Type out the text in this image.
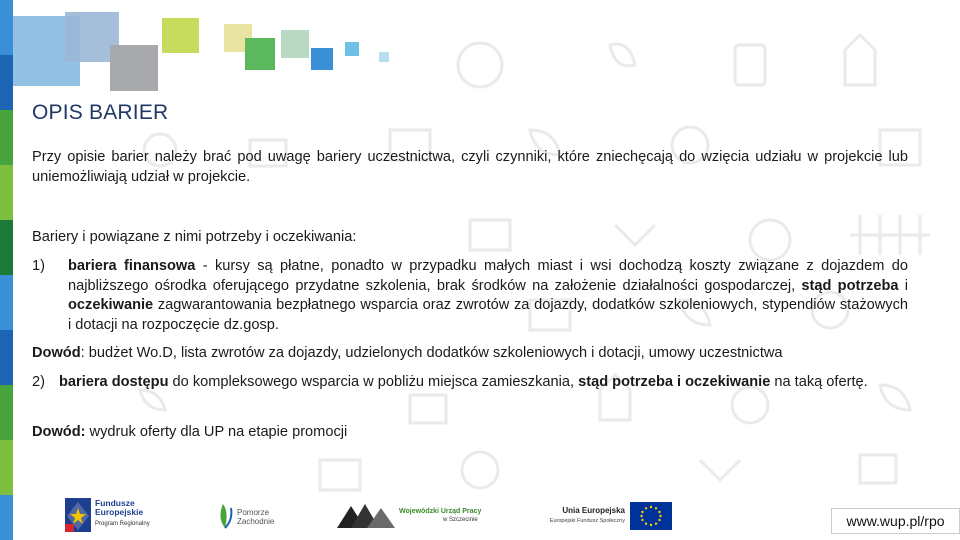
OPIS BARIER
Przy opisie barier należy brać pod uwagę bariery uczestnictwa, czyli czynniki, które zniechęcają do wzięcia udziału w projekcie lub uniemożliwiają udział w projekcie.
Bariery i powiązane z nimi potrzeby i oczekiwania:
1) bariera finansowa - kursy są płatne, ponadto w przypadku małych miast i wsi dochodzą koszty związane z dojazdem do najbliższego ośrodka oferującego przydatne szkolenia, brak środków na założenie działalności gospodarczej, stąd potrzeba i oczekiwanie zagwarantowania bezpłatnego wsparcia oraz zwrotów za dojazdy, dodatków szkoleniowych, stypendiów stażowych i dotacji na rozpoczęcie dz.gosp.
Dowód: budżet Wo.D, lista zwrotów za dojazdy, udzielonych dodatków szkoleniowych i dotacji, umowy uczestnictwa
2) bariera dostępu do kompleksowego wsparcia w pobliżu miejsca zamieszkania, stąd potrzeba i oczekiwanie na taką ofertę.
Dowód: wydruk oferty dla UP na etapie promocji
Fundusze
Europejskie
Program Regionalny
Pomorze
Zachodnie
Wojewódzki Urząd Pracy
w Szczecinie
Unia Europejska
Europejski Fundusz Społeczny	www.wup.pl/rpo
